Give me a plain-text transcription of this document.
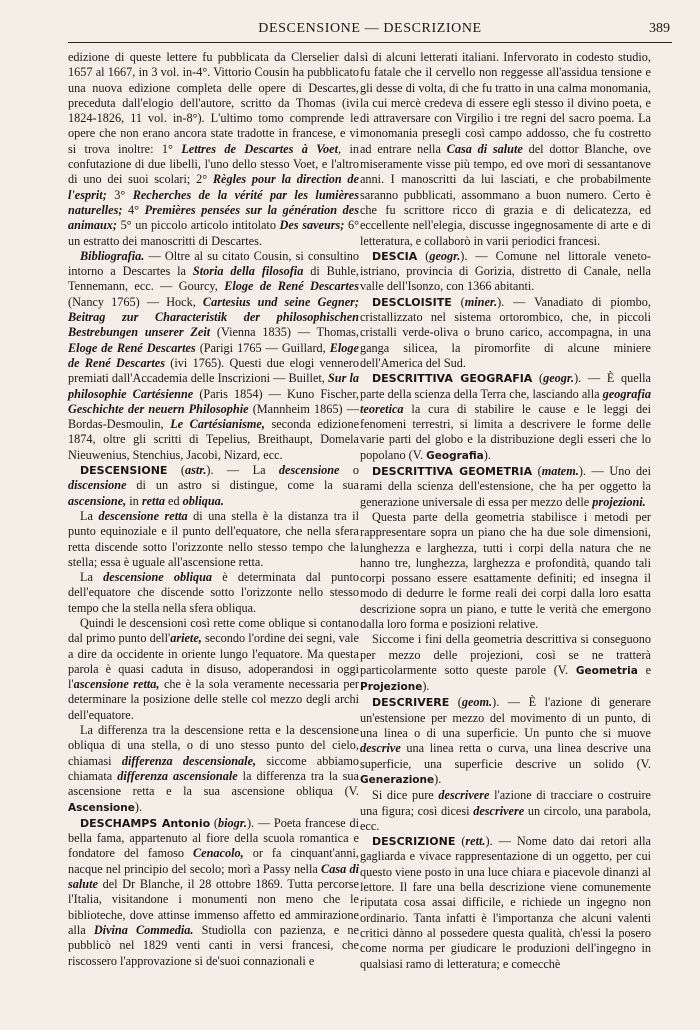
DESCENSIONE — DESCRIZIONE	389

edizione di queste lettere fu pubblicata da Clerselier dal 1657 al 1667, in 3 vol. in-4°. Vittorio Cousin ha pubblicato una nuova edizione completa delle opere di Descartes, preceduta dall'elogio dell'autore, scritto da Thomas (ivi 1824-1826, 11 vol. in-8°). L'ultimo tomo comprende le opere che non erano ancora state tradotte in francese, e vi si trova inoltre: 1° Lettres de Descartes à Voet, in confutazione di due libelli, l'uno dello stesso Voet, e l'altro di uno dei suoi scolari; 2° Règles pour la direction de l'esprit; 3° Recherches de la vérité par les lumières naturelles; 4° Premières pensées sur la génération des animaux; 5° un piccolo articolo intitolato Des saveurs; 6° un estratto dei manoscritti di Descartes.

Bibliografia. — Oltre al su citato Cousin, si consultino intorno a Descartes la Storia della filosofia di Buhle, Tennemann, ecc. — Gourcy, Eloge de René Descartes (Nancy 1765) — Hock, Cartesius und seine Gegner; Beitrag zur Characteristik der philosophischen Bestrebungen unserer Zeit (Vienna 1835) — Thomas, Eloge de René Descartes (Parigi 1765 — Guillard, Eloge de René Descartes (ivi 1765). Questi due elogi vennero premiati dall'Accademia delle Inscrizioni — Buillet, Sur la philosophie Cartésienne (Paris 1854) — Kuno Fischer, Geschichte der neuern Philosophie (Mannheim 1865) — Bordas-Desmoulin, Le Cartésianisme, seconda edizione 1874, oltre gli scritti di Tepelius, Breithaupt, Domela Nieuwenius, Stenchius, Jacobi, Nizard, ecc.

DESCENSIONE (astr.). — La descensione o discensione di un astro si distingue, come la sua ascensione, in retta ed obliqua.

La descensione retta di una stella è la distanza tra il punto equinoziale e il punto dell'equatore, che nella sfera retta discende sotto l'orizzonte nello stesso tempo che la stella; essa è uguale all'ascensione retta.

La descensione obliqua è determinata dal punto dell'equatore che discende sotto l'orizzonte nello stesso tempo che la stella nella sfera obliqua.

Quindi le descensioni così rette come oblique si contano dal primo punto dell'ariete, secondo l'ordine dei segni, vale a dire da occidente in oriente lungo l'equatore. Ma questa parola è quasi caduta in disuso, adoperandosi in oggi l'ascensione retta, che è la sola veramente necessaria per determinare la posizione delle stelle col mezzo degli archi dell'equatore.

La differenza tra la descensione retta e la descensione obliqua di una stella, o di uno stesso punto del cielo, chiamasi differenza descensionale, siccome abbiamo chiamata differenza ascensionale la differenza tra la sua ascensione retta e la sua ascensione obliqua (V. Ascensione).

DESCHAMPS Antonio (biogr.). — Poeta francese di bella fama, appartenuto al fiore della scuola romantica e fondatore del famoso Cenacolo, or fa cinquant'anni, nacque nel principio del secolo; morì a Passy nella Casa di salute del Dr Blanche, il 28 ottobre 1869. Tutta percorse l'Italia, visitandone i monumenti non meno che le biblioteche, dove attinse immenso affetto ed ammirazione alla Divina Commedia. Studiolla con pazienza, e ne pubblicò nel 1829 venti canti in versi francesi, che riscossero l'approvazione si de'suoi connazionali e

sì di alcuni letterati italiani. Infervorato in codesto studio, fu fatale che il cervello non reggesse all'assidua tensione e gli desse di volta, di che fu tratto in una calma monomania, la cui mercè credeva di essere egli stesso il divino poeta, e di attraversare con Virgilio i tre regni del sacro poema. La monomania presegli così campo addosso, che fu costretto ad entrare nella Casa di salute del dottor Blanche, ove miseramente visse più tempo, ed ove morì di sessantanove anni. I manoscritti da lui lasciati, e che probabilmente saranno pubblicati, assommano a buon numero. Certo è che fu scrittore ricco di grazia e di delicatezza, ed eccellente nell'elegia, discusse ingegnosamente di arte e di letteratura, e collaborò in varii periodici francesi.

DESCIA (geogr.). — Comune nel littorale veneto-istriano, provincia di Gorizia, distretto di Canale, nella valle dell'Isonzo, con 1366 abitanti.

DESCLOISITE (miner.). — Vanadiato di piombo, cristallizzato nel sistema ortorombico, che, in piccoli cristalli verde-oliva o bruno carico, accompagna, in una ganga silicea, la piromorfite di alcune miniere dell'America del Sud.

DESCRITTIVA GEOGRAFIA (geogr.). — È quella parte della scienza della Terra che, lasciando alla geografia teoretica la cura di stabilire le cause e le leggi dei fenomeni terrestri, si limita a descrivere le forme delle varie parti del globo e la distribuzione degli esseri che lo popolano (V. Geografia).

DESCRITTIVA GEOMETRIA (matem.). — Uno dei rami della scienza dell'estensione, che ha per oggetto la generazione universale di essa per mezzo delle projezioni.

Questa parte della geometria stabilisce i metodi per rappresentare sopra un piano che ha due sole dimensioni, lunghezza e larghezza, tutti i corpi della natura che ne hanno tre, lunghezza, larghezza e profondità, quando tali corpi possano essere esattamente definiti; ed insegna il modo di dedurre le forme reali dei corpi dalla loro esatta descrizione sopra un piano, e tutte le verità che emergono dalla loro forma e posizioni relative.

Siccome i fini della geometria descrittiva si conseguono per mezzo delle projezioni, così se ne tratterà particolarmente sotto queste parole (V. Geometria e Projezione).

DESCRIVERE (geom.). — È l'azione di generare un'estensione per mezzo del movimento di un punto, di una linea o di una superficie. Un punto che si muove descrive una linea retta o curva, una linea descrive una superficie, una superficie descrive un solido (V. Generazione).

Si dice pure descrivere l'azione di tracciare o costruire una figura; così dicesi descrivere un circolo, una parabola, ecc.

DESCRIZIONE (rett.). — Nome dato dai retori alla gagliarda e vivace rappresentazione di un oggetto, per cui questo viene posto in una luce chiara e piacevole dinanzi al lettore. Il fare una bella descrizione viene comunemente riputata cosa assai difficile, e richiede un ingegno non ordinario. Tanta infatti è l'importanza che alcuni valenti critici dànno al possedere questa qualità, ch'essi la posero come norma per giudicare le produzioni dell'ingegno in qualsiasi ramo di letteratura; e comecchè
